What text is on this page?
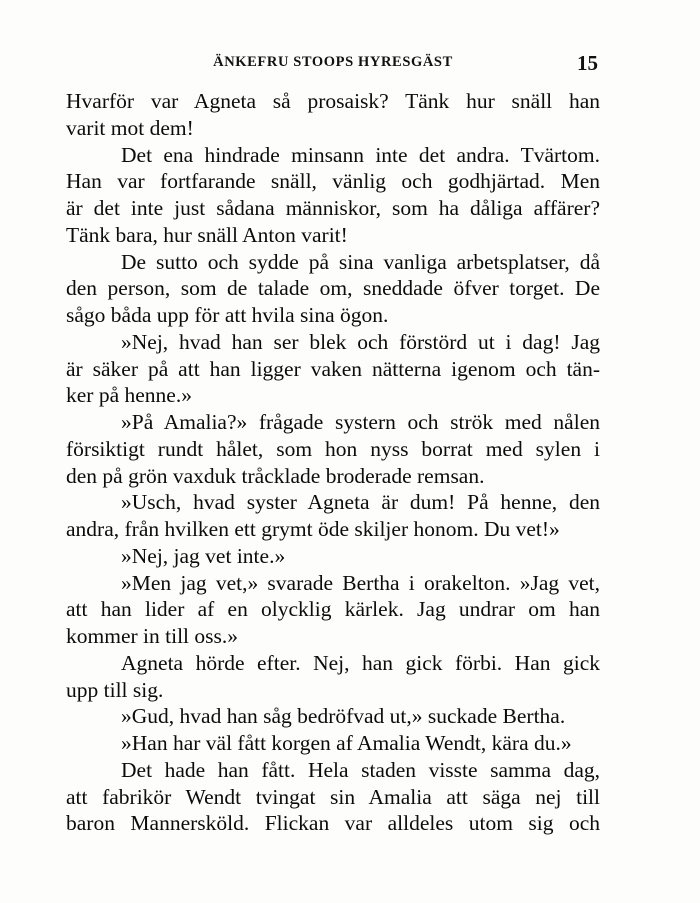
ÄNKEFRU STOOPS HYRESGÄST	15
Hvarför var Agneta så prosaisk? Tänk hur snäll han
varit mot dem!
Det ena hindrade minsann inte det andra. Tvärtom.
Han var fortfarande snäll, vänlig och godhjärtad. Men
är det inte just sådana människor, som ha dåliga affärer?
Tänk bara, hur snäll Anton varit!
De sutto och sydde på sina vanliga arbetsplatser, då
den person, som de talade om, sneddade öfver torget. De
sågo båda upp för att hvila sina ögon.
»Nej, hvad han ser blek och förstörd ut i dag! Jag
är säker på att han ligger vaken nätterna igenom och tän-
ker på henne.»
»På Amalia?» frågade systern och strök med nålen
försiktigt rundt hålet, som hon nyss borrat med sylen i
den på grön vaxduk tråcklade broderade remsan.
»Usch, hvad syster Agneta är dum! På henne, den
andra, från hvilken ett grymt öde skiljer honom. Du vet!»
»Nej, jag vet inte.»
»Men jag vet,» svarade Bertha i orakelton. »Jag vet,
att han lider af en olycklig kärlek. Jag undrar om han
kommer in till oss.»
Agneta hörde efter. Nej, han gick förbi. Han gick
upp till sig.
»Gud, hvad han såg bedröfvad ut,» suckade Bertha.
»Han har väl fått korgen af Amalia Wendt, kära du.»
Det hade han fått. Hela staden visste samma dag,
att fabrikör Wendt tvingat sin Amalia att säga nej till
baron Mannersköld. Flickan var alldeles utom sig och
